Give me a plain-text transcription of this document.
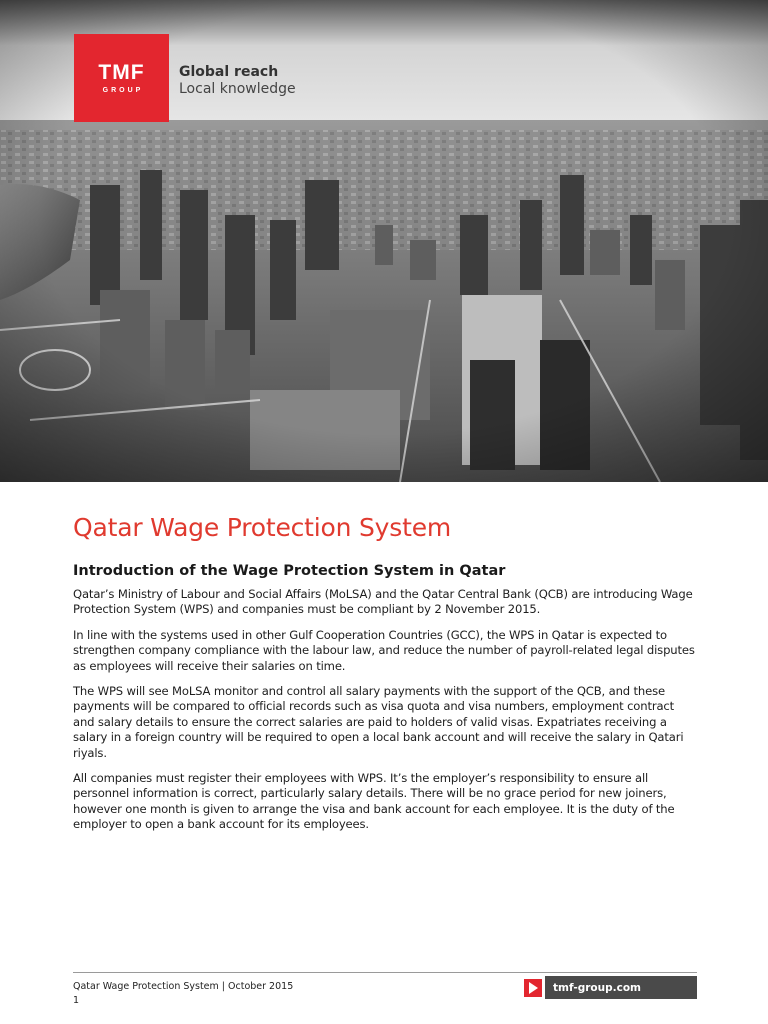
TMF
GROUP
Global reach
Local knowledge
Qatar Wage Protection System
Introduction of the Wage Protection System in Qatar

Qatar’s Ministry of Labour and Social Affairs (MoLSA) and the Qatar Central Bank (QCB) are introducing Wage Protection System (WPS) and companies must be compliant by 2 November 2015.

In line with the systems used in other Gulf Cooperation Countries (GCC), the WPS in Qatar is expected to strengthen company compliance with the labour law, and reduce the number of payroll-related legal disputes as employees will receive their salaries on time.

The WPS will see MoLSA monitor and control all salary payments with the support of the QCB, and these payments will be compared to official records such as visa quota and visa numbers, employment contract and salary details to ensure the correct salaries are paid to holders of valid visas. Expatriates receiving a salary in a foreign country will be required to open a local bank account and will receive the salary in Qatari riyals.

All companies must register their employees with WPS. It’s the employer’s responsibility to ensure all personnel information is correct, particularly salary details. There will be no grace period for new joiners, however one month is given to arrange the visa and bank account for each employee. It is the duty of the employer to open a bank account for its employees.

Qatar Wage Protection System | October 2015
1
tmf-group.com
